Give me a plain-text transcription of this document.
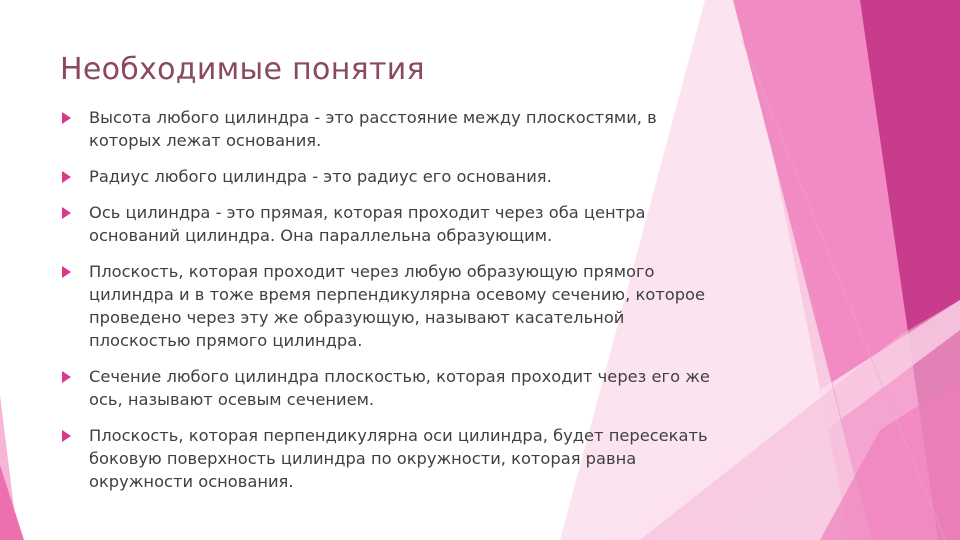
Необходимые понятия
Высота любого цилиндра - это расстояние между плоскостями, в которых лежат основания.
Радиус любого цилиндра - это радиус его основания.
Ось цилиндра - это прямая, которая проходит через оба центра оснований цилиндра. Она параллельна образующим.
Плоскость, которая проходит через любую образующую прямого цилиндра и в тоже время перпендикулярна осевому сечению, которое проведено через эту же образующую, называют касательной плоскостью прямого цилиндра.
Сечение любого цилиндра плоскостью, которая проходит через его же ось, называют осевым сечением.
Плоскость, которая перпендикулярна оси цилиндра, будет пересекать боковую поверхность цилиндра по окружности, которая равна окружности основания.
